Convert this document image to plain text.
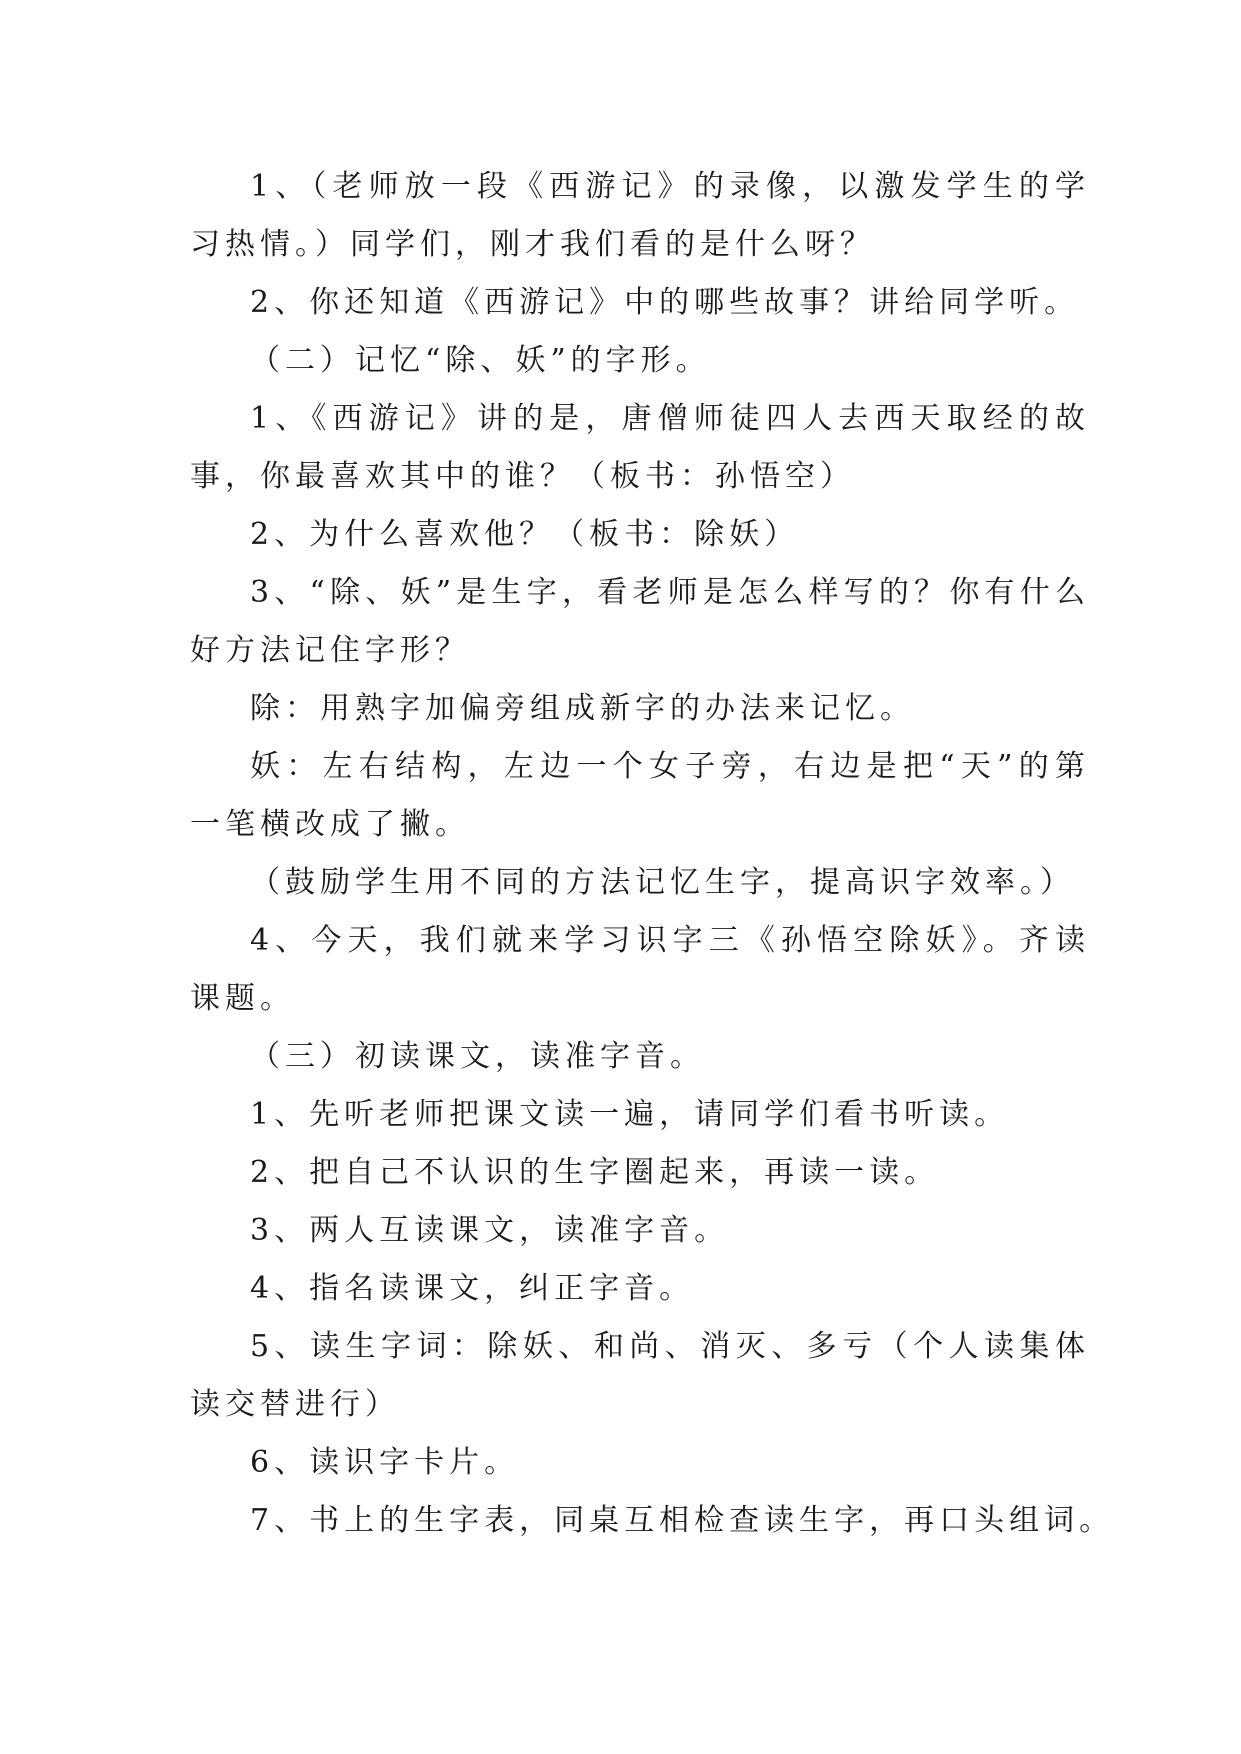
1、（老师放一段《西游记》的录像，以激发学生的学习热情。）同学们，刚才我们看的是什么呀？

2、你还知道《西游记》中的哪些故事？讲给同学听。

（二）记忆“除、妖”的字形。

1、《西游记》讲的是，唐僧师徒四人去西天取经的故事，你最喜欢其中的谁？（板书：孙悟空）

2、为什么喜欢他？（板书：除妖）

3、“除、妖”是生字，看老师是怎么样写的？你有什么好方法记住字形？

除：用熟字加偏旁组成新字的办法来记忆。

妖：左右结构，左边一个女子旁，右边是把“天”的第一笔横改成了撇。

（鼓励学生用不同的方法记忆生字，提高识字效率。）

4、今天，我们就来学习识字三《孙悟空除妖》。齐读课题。

（三）初读课文，读准字音。

1、先听老师把课文读一遍，请同学们看书听读。

2、把自己不认识的生字圈起来，再读一读。

3、两人互读课文，读准字音。

4、指名读课文，纠正字音。

5、读生字词：除妖、和尚、消灭、多亏（个人读集体读交替进行）

6、读识字卡片。

7、书上的生字表，同桌互相检查读生字，再口头组词。
